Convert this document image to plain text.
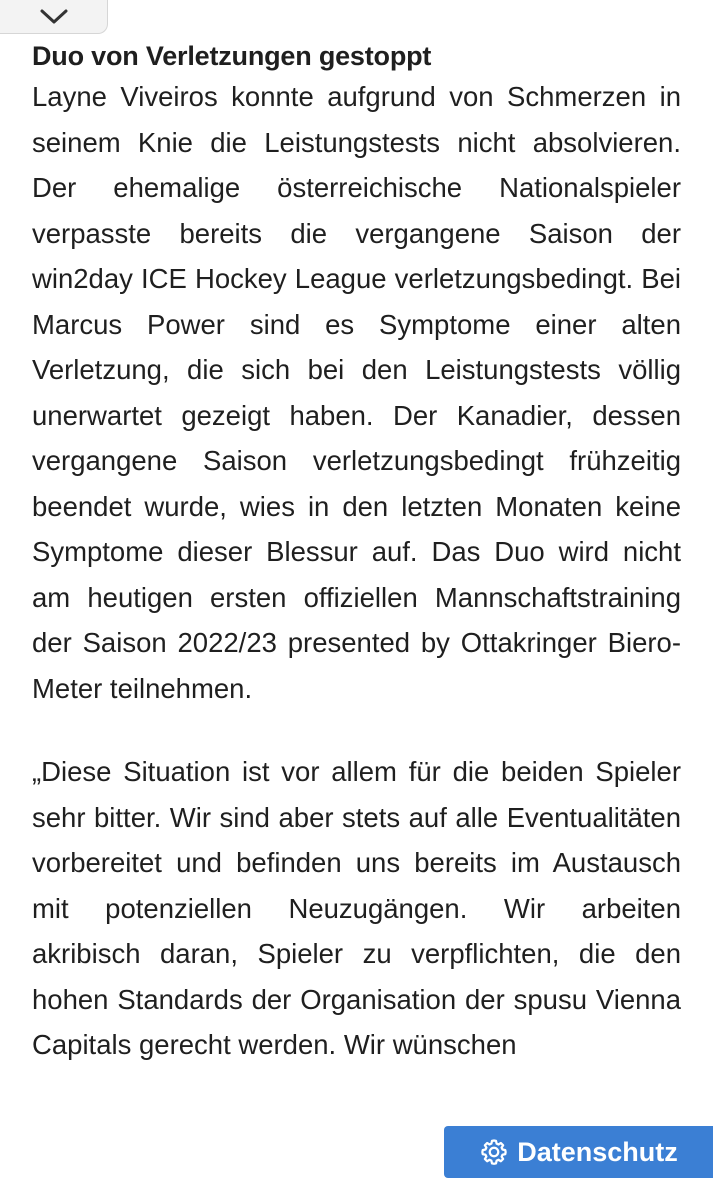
Duo von Verletzungen gestoppt

Layne Viveiros konnte aufgrund von Schmerzen in seinem Knie die Leistungstests nicht absolvieren. Der ehemalige österreichische Nationalspieler verpasste bereits die vergangene Saison der win2day ICE Hockey League verletzungsbedingt. Bei Marcus Power sind es Symptome einer alten Verletzung, die sich bei den Leistungstests völlig unerwartet gezeigt haben. Der Kanadier, dessen vergangene Saison verletzungsbedingt frühzeitig beendet wurde, wies in den letzten Monaten keine Symptome dieser Blessur auf. Das Duo wird nicht am heutigen ersten offiziellen Mannschaftstraining der Saison 2022/23 presented by Ottakringer Biero-Meter teilnehmen.

„Diese Situation ist vor allem für die beiden Spieler sehr bitter. Wir sind aber stets auf alle Eventualitäten vorbereitet und befinden uns bereits im Austausch mit potenziellen Neuzugängen. Wir arbeiten akribisch daran, Spieler zu verpflichten, die den hohen Standards der Organisation der spusu Vienna Capitals gerecht werden. Wir wünschen

Datenschutz
